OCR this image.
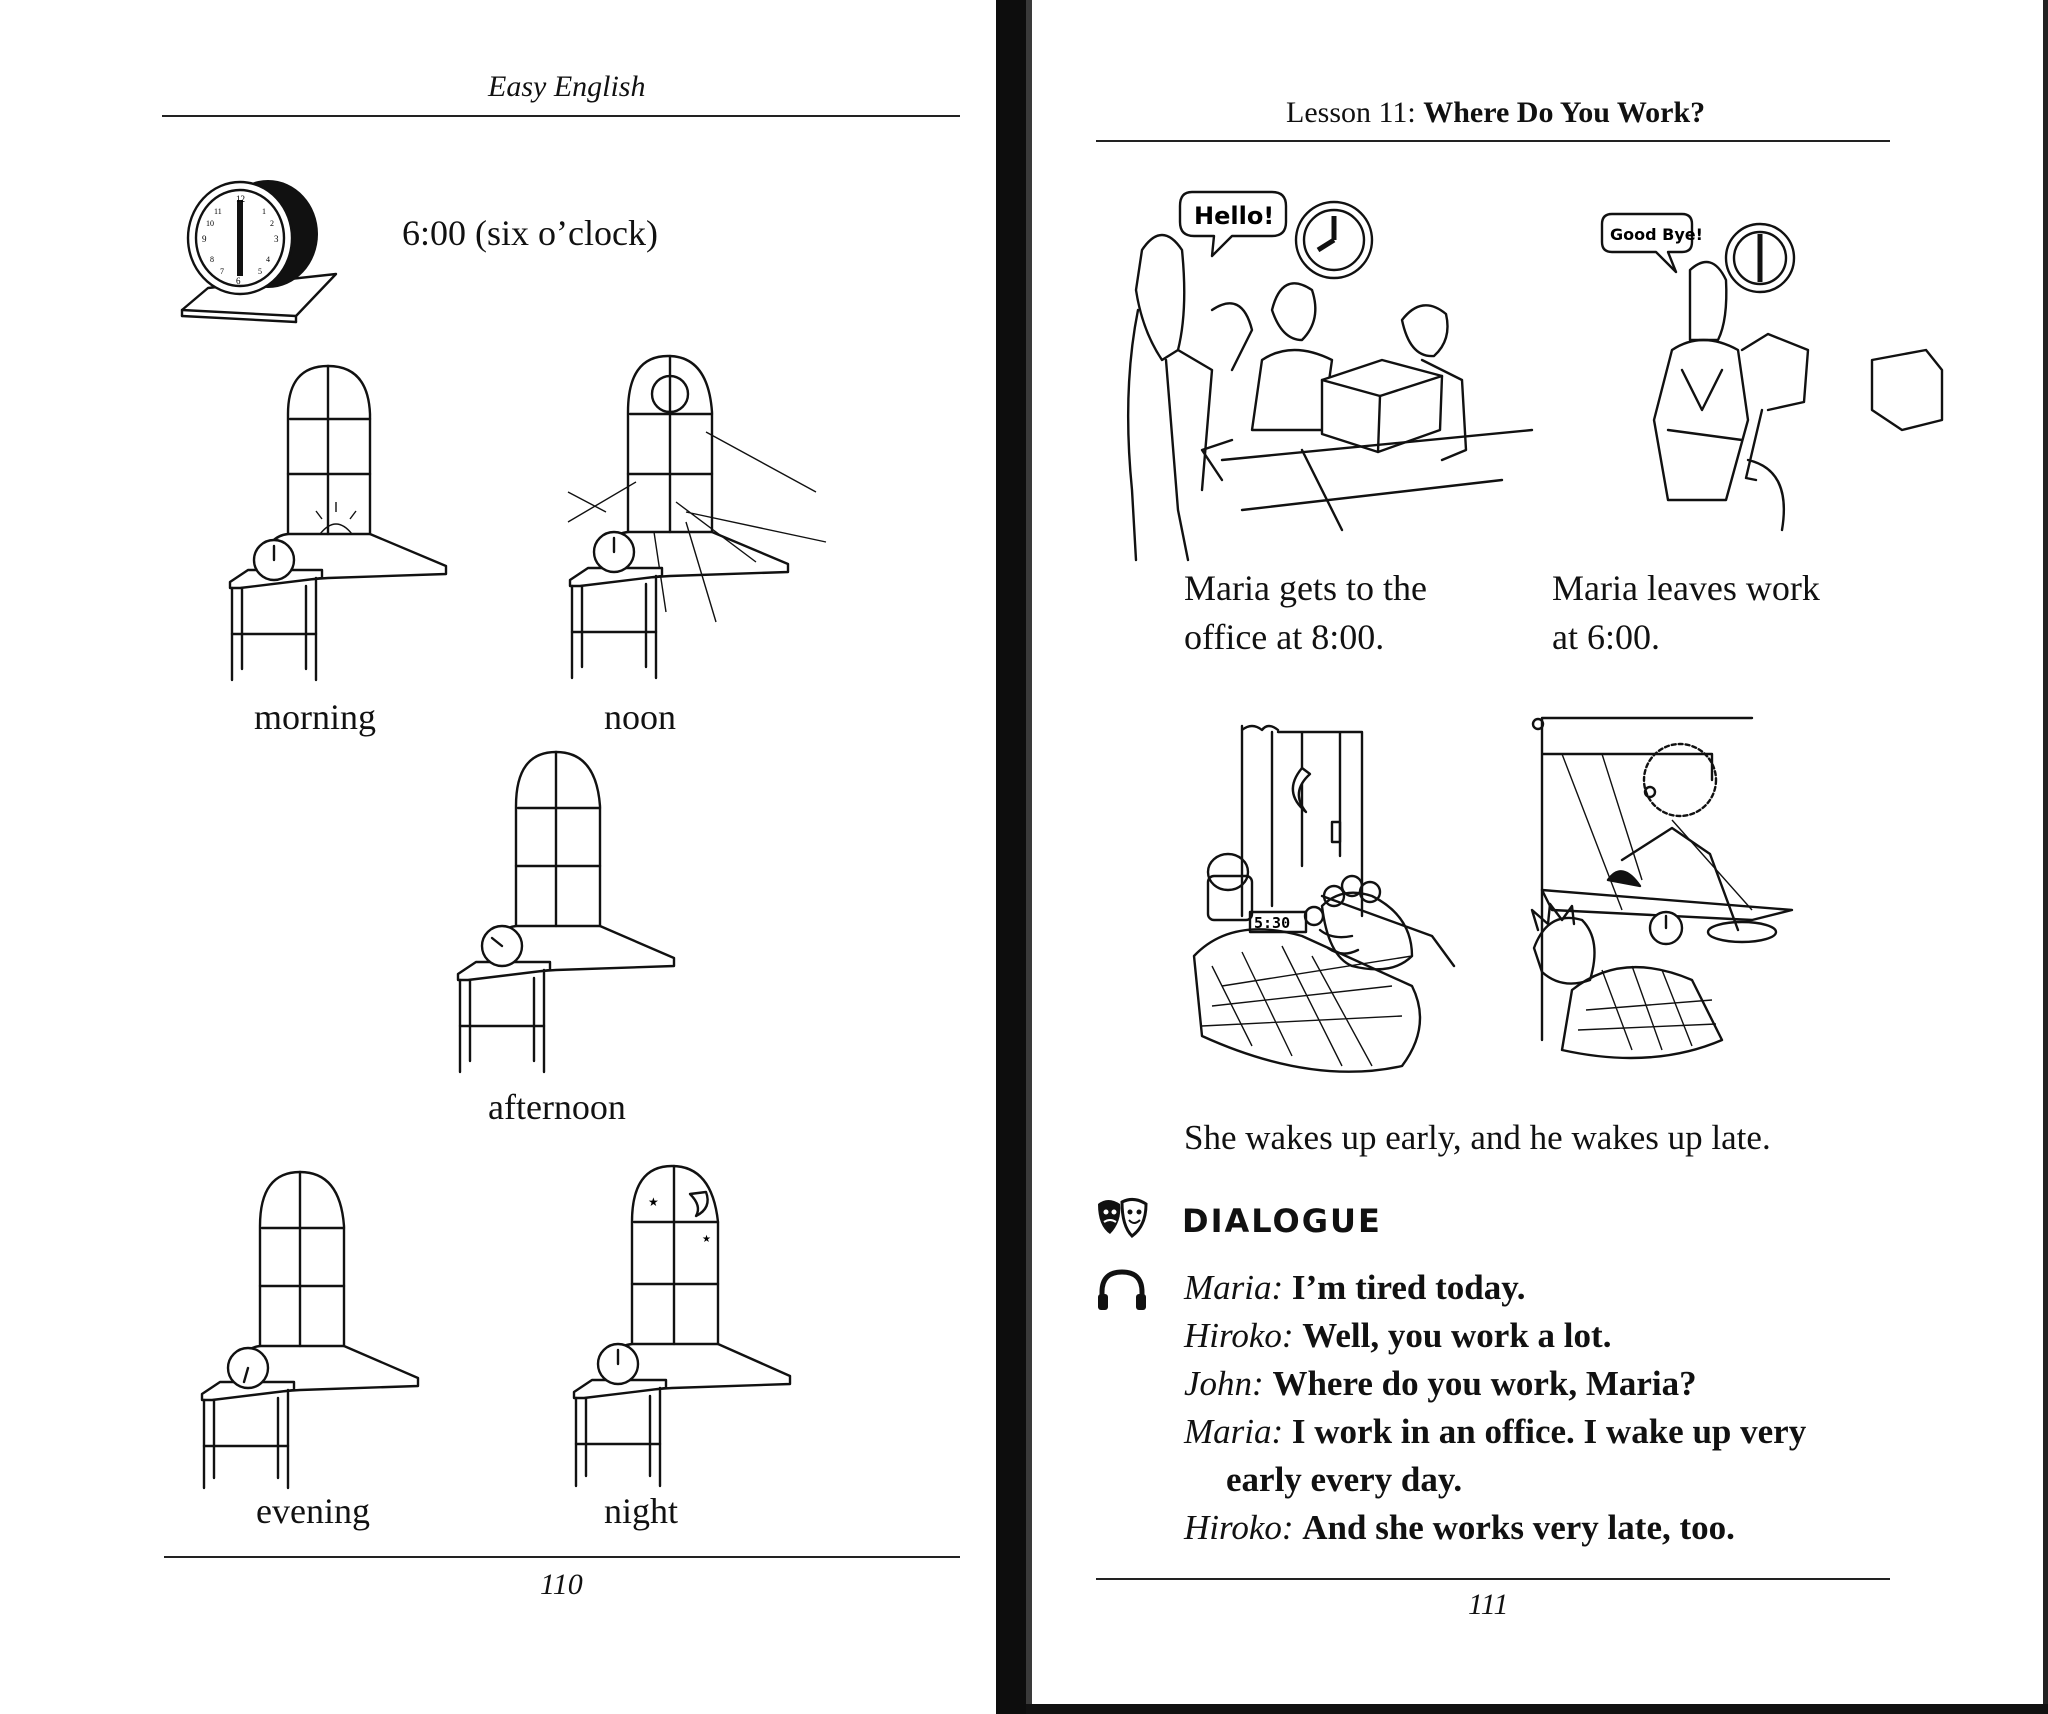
Easy English
12
6
9	3
1
2
11
10
4
5
7
8
6:00 (six o’clock)
morning	noon
afternoon
evening
★
★
night
110
Lesson 11: Where Do You Work?
Hello!
Good Bye!
Maria gets to the
office at 8:00.
Maria leaves work
at 6:00.
5:30
She wakes up early, and he wakes up late.
DIALOGUE
Maria: I’m tired today.
Hiroko: Well, you work a lot.
John: Where do you work, Maria?
Maria: I work in an office. I wake up very
early every day.
Hiroko: And she works very late, too.
111
